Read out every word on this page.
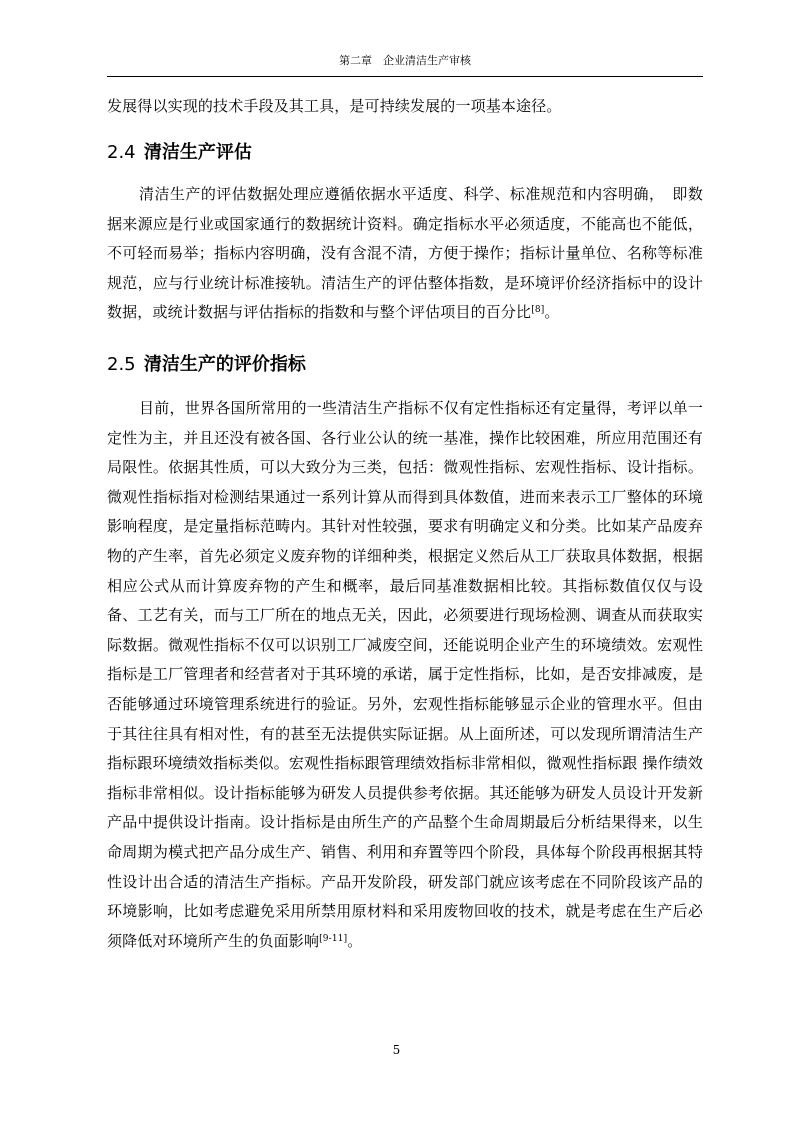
第二章　企业清洁生产审核

发展得以实现的技术手段及其工具，是可持续发展的一项基本途径。

2.4 清洁生产评估

清洁生产的评估数据处理应遵循依据水平适度、科学、标准规范和内容明确，　即数据来源应是行业或国家通行的数据统计资料。确定指标水平必须适度，不能高也不能低，不可轻而易举；指标内容明确，没有含混不清，方便于操作；指标计量单位、名称等标准规范，应与行业统计标准接轨。清洁生产的评估整体指数，是环境评价经济指标中的设计数据，或统计数据与评估指标的指数和与整个评估项目的百分比[8]。

2.5 清洁生产的评价指标

目前，世界各国所常用的一些清洁生产指标不仅有定性指标还有定量得，考评以单一定性为主，并且还没有被各国、各行业公认的统一基准，操作比较困难，所应用范围还有局限性。依据其性质，可以大致分为三类，包括：微观性指标、宏观性指标、设计指标。微观性指标指对检测结果通过一系列计算从而得到具体数值，进而来表示工厂整体的环境影响程度，是定量指标范畴内。其针对性较强，要求有明确定义和分类。比如某产品废弃物的产生率，首先必须定义废弃物的详细种类，根据定义然后从工厂获取具体数据，根据相应公式从而计算废弃物的产生和概率，最后同基准数据相比较。其指标数值仅仅与设备、工艺有关，而与工厂所在的地点无关，因此，必须要进行现场检测、调查从而获取实际数据。微观性指标不仅可以识别工厂减废空间，还能说明企业产生的环境绩效。宏观性指标是工厂管理者和经营者对于其环境的承诺，属于定性指标，比如，是否安排减废，是否能够通过环境管理系统进行的验证。另外，宏观性指标能够显示企业的管理水平。但由于其往往具有相对性，有的甚至无法提供实际证据。从上面所述，可以发现所谓清洁生产指标跟环境绩效指标类似。宏观性指标跟管理绩效指标非常相似，微观性指标跟 操作绩效指标非常相似。设计指标能够为研发人员提供参考依据。其还能够为研发人员设计开发新产品中提供设计指南。设计指标是由所生产的产品整个生命周期最后分析结果得来，以生命周期为模式把产品分成生产、销售、利用和弃置等四个阶段，具体每个阶段再根据其特性设计出合适的清洁生产指标。产品开发阶段，研发部门就应该考虑在不同阶段该产品的环境影响，比如考虑避免采用所禁用原材料和采用废物回收的技术，就是考虑在生产后必须降低对环境所产生的负面影响[9-11]。

5
